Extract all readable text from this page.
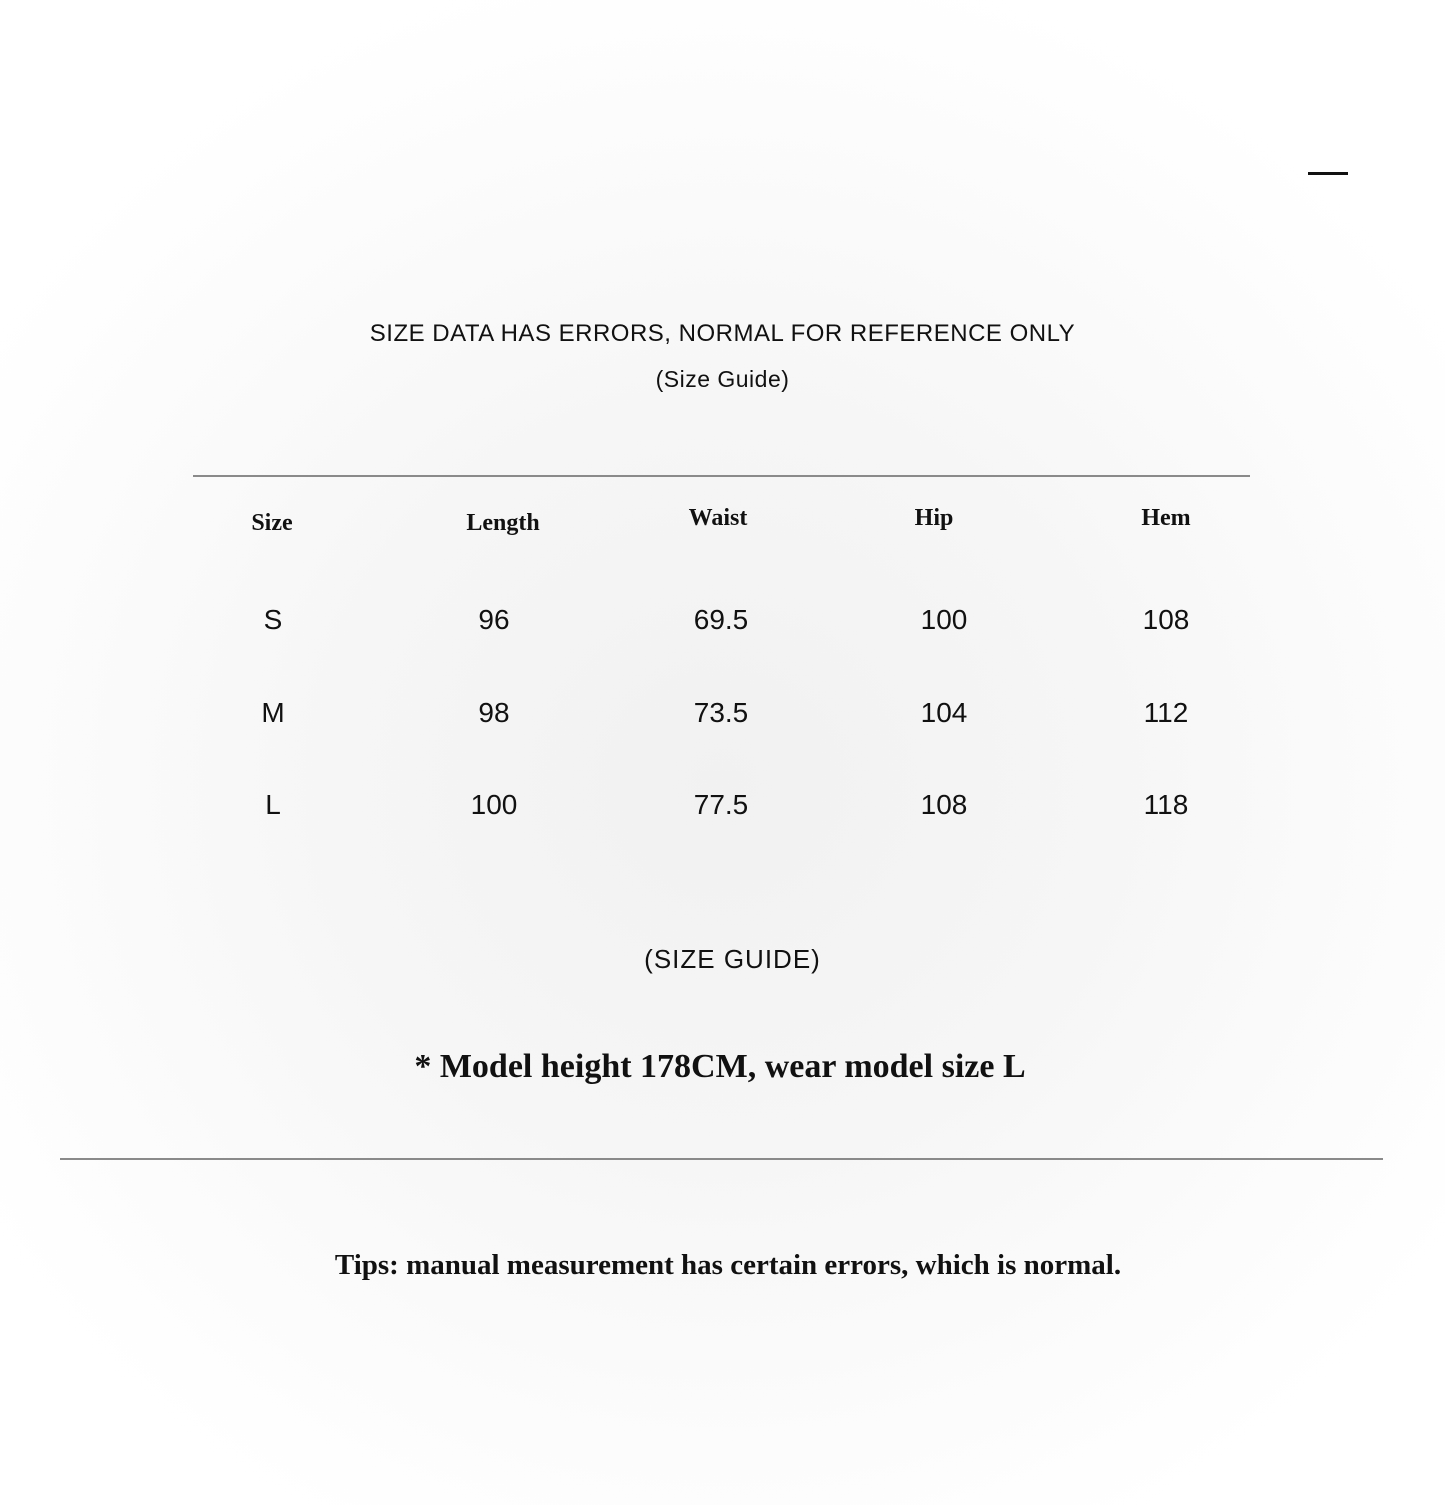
SIZE DATA HAS ERRORS, NORMAL FOR REFERENCE ONLY
(Size Guide)
Size	Length	Waist	Hip	Hem
S	96	69.5	100	108
M	98	73.5	104	112
L	100	77.5	108	118
(SIZE GUIDE)
* Model height 178CM, wear model size L
Tips: manual measurement has certain errors, which is normal.
